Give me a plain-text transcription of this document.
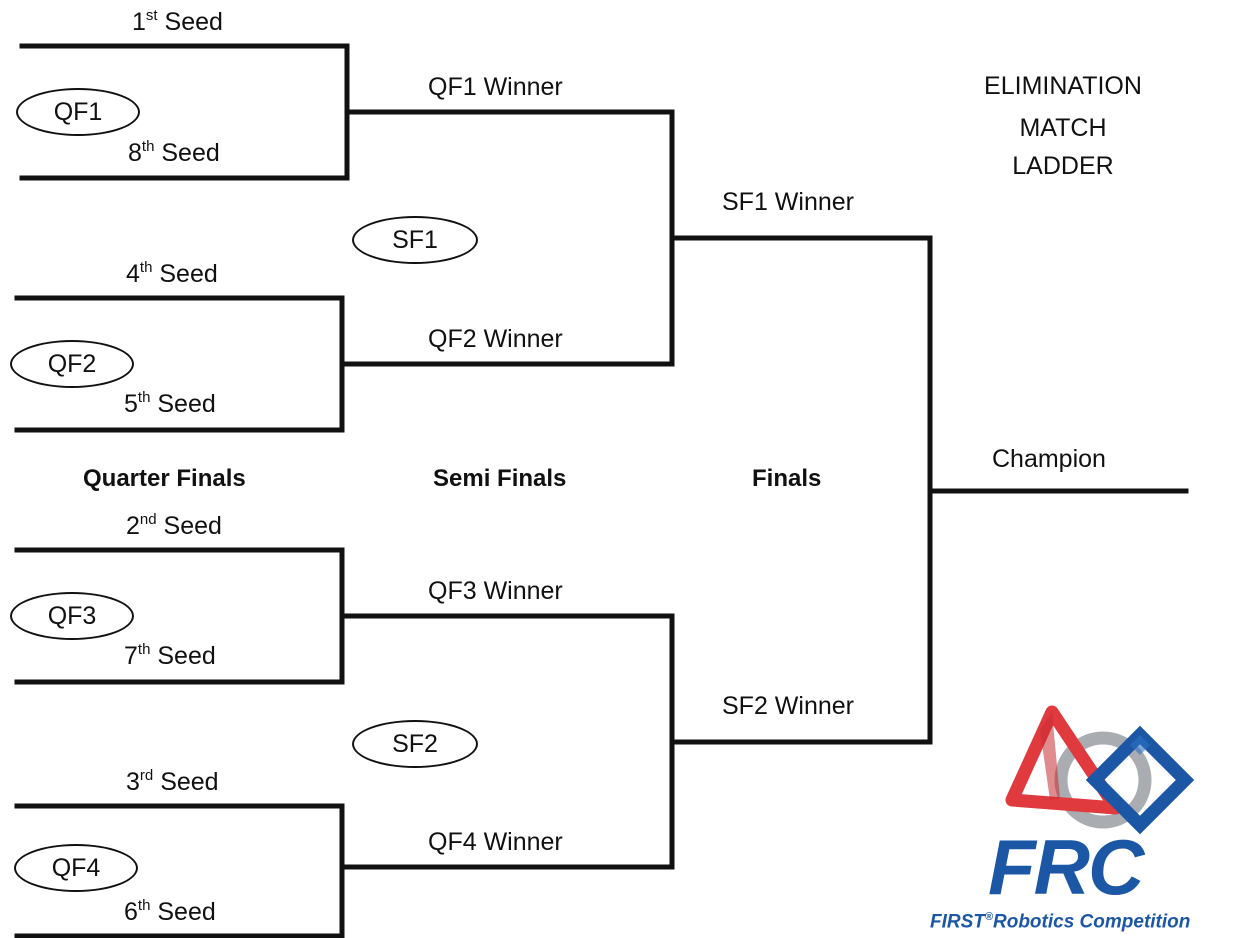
ELIMINATION
MATCH
LADDER
1st Seed
8th Seed
4th Seed
5th Seed
2nd Seed
7th Seed
3rd Seed
6th Seed
QF1
QF2
QF3
QF4
SF1
SF2
QF1 Winner
QF2 Winner
QF3 Winner
QF4 Winner
SF1 Winner
SF2 Winner
Champion
Quarter Finals	Semi Finals	Finals
FRC
FIRST®Robotics Competition
